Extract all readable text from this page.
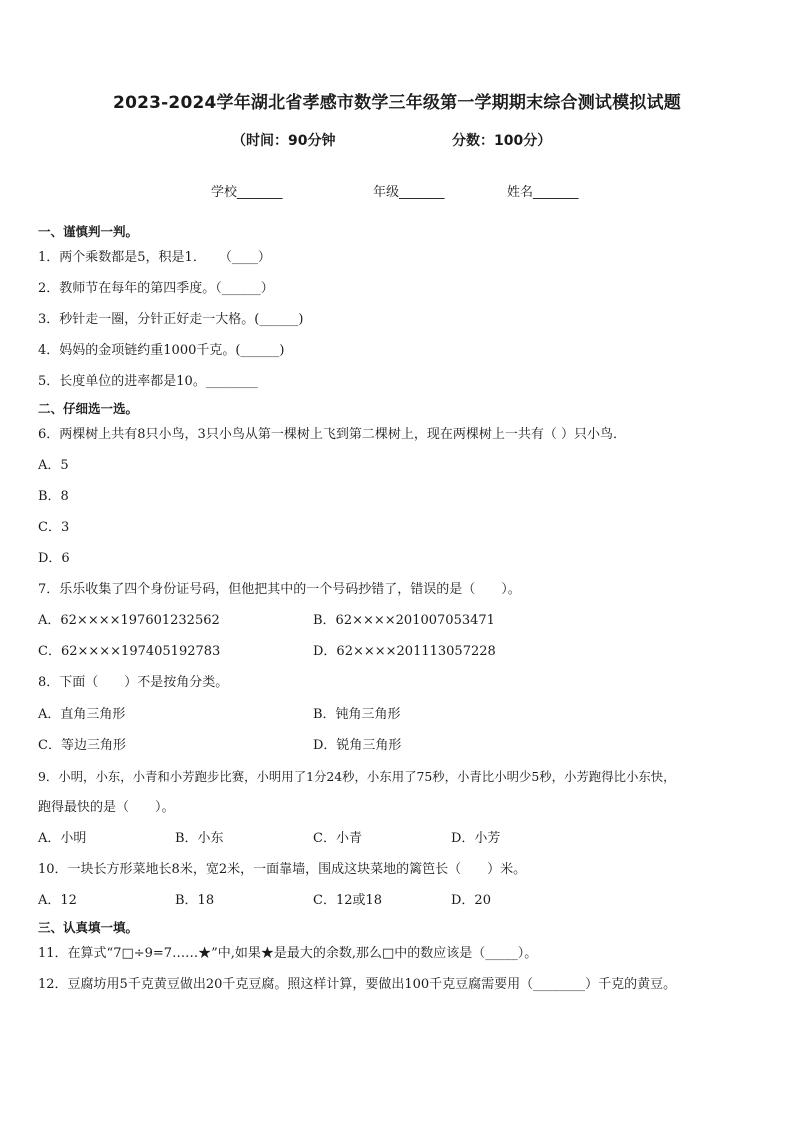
2023-2024学年湖北省孝感市数学三年级第一学期期末综合测试模拟试题
（时间：90分钟	分数：100分）
学校_______	年级_______	姓名_______
一、谨慎判一判。
1．两个乘数都是5，积是1．　　（____）
2．教师节在每年的第四季度。（______）
3．秒针走一圈，分针正好走一大格。(______)
4．妈妈的金项链约重1000千克。(______)
5．长度单位的进率都是10。________
二、仔细选一选。
6．两棵树上共有8只小鸟，3只小鸟从第一棵树上飞到第二棵树上，现在两棵树上一共有（ ）只小鸟．
A．5
B．8
C．3
D．6
7．乐乐收集了四个身份证号码，但他把其中的一个号码抄错了，错误的是（　　）。
A．62××××197601232562	B．62××××201007053471
C．62××××197405192783	D．62××××201113057228
8．下面（　　）不是按角分类。
A．直角三角形	B．钝角三角形
C．等边三角形	D．锐角三角形
9．小明，小东，小青和小芳跑步比赛，小明用了1分24秒，小东用了75秒，小青比小明少5秒，小芳跑得比小东快，
跑得最快的是（　　）。
A．小明	B．小东	C．小青	D．小芳
10．一块长方形菜地长8米，宽2米，一面靠墙，围成这块菜地的篱笆长（　　）米。
A．12	B．18	C．12或18	D．20
三、认真填一填。
11．在算式“7□÷9=7……★”中,如果★是最大的余数,那么□中的数应该是（_____）。
12．豆腐坊用5千克黄豆做出20千克豆腐。照这样计算，要做出100千克豆腐需要用（________）千克的黄豆。
